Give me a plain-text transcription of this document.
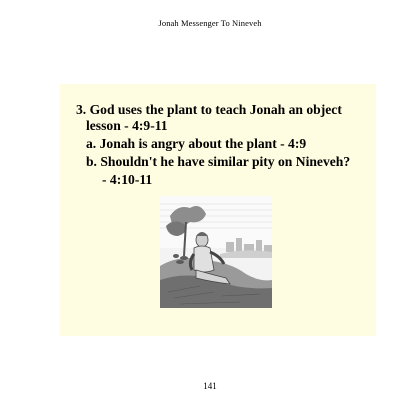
Jonah Messenger To Nineveh
3. God uses the plant to teach Jonah an object
lesson - 4:9-11
a. Jonah is angry about the plant - 4:9
b. Shouldn't he have similar pity on Nineveh?
- 4:10-11
141
